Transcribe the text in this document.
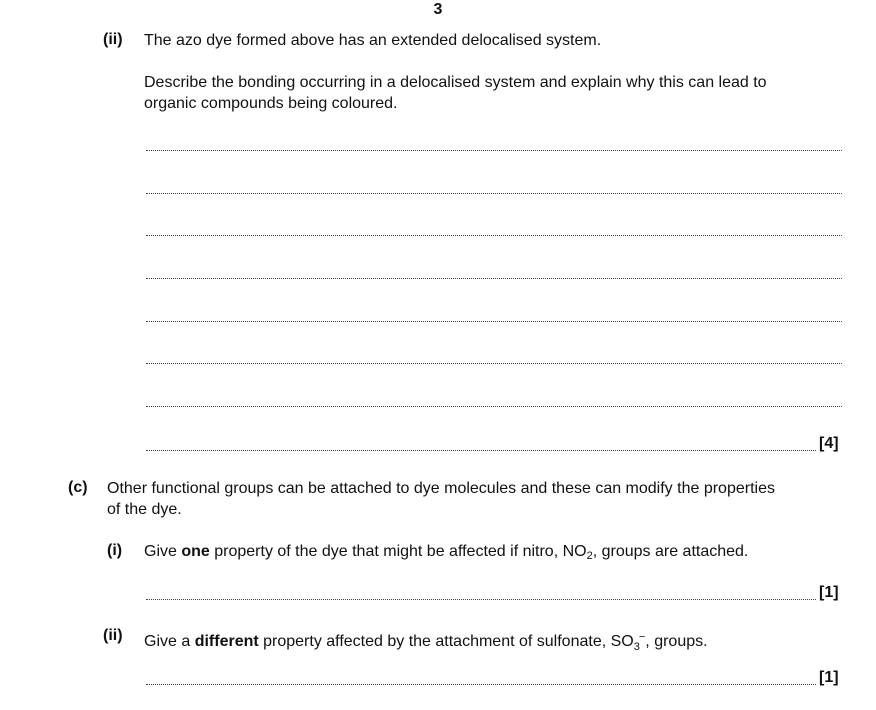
3
(ii) The azo dye formed above has an extended delocalised system.
Describe the bonding occurring in a delocalised system and explain why this can lead to
organic compounds being coloured.
[4]
(c) Other functional groups can be attached to dye molecules and these can modify the properties
of the dye.
(i) Give one property of the dye that might be affected if nitro, $NO_2$, groups are attached.
[1]
(ii) Give a different property affected by the attachment of sulfonate, $SO_3^-$, groups.
[1]
